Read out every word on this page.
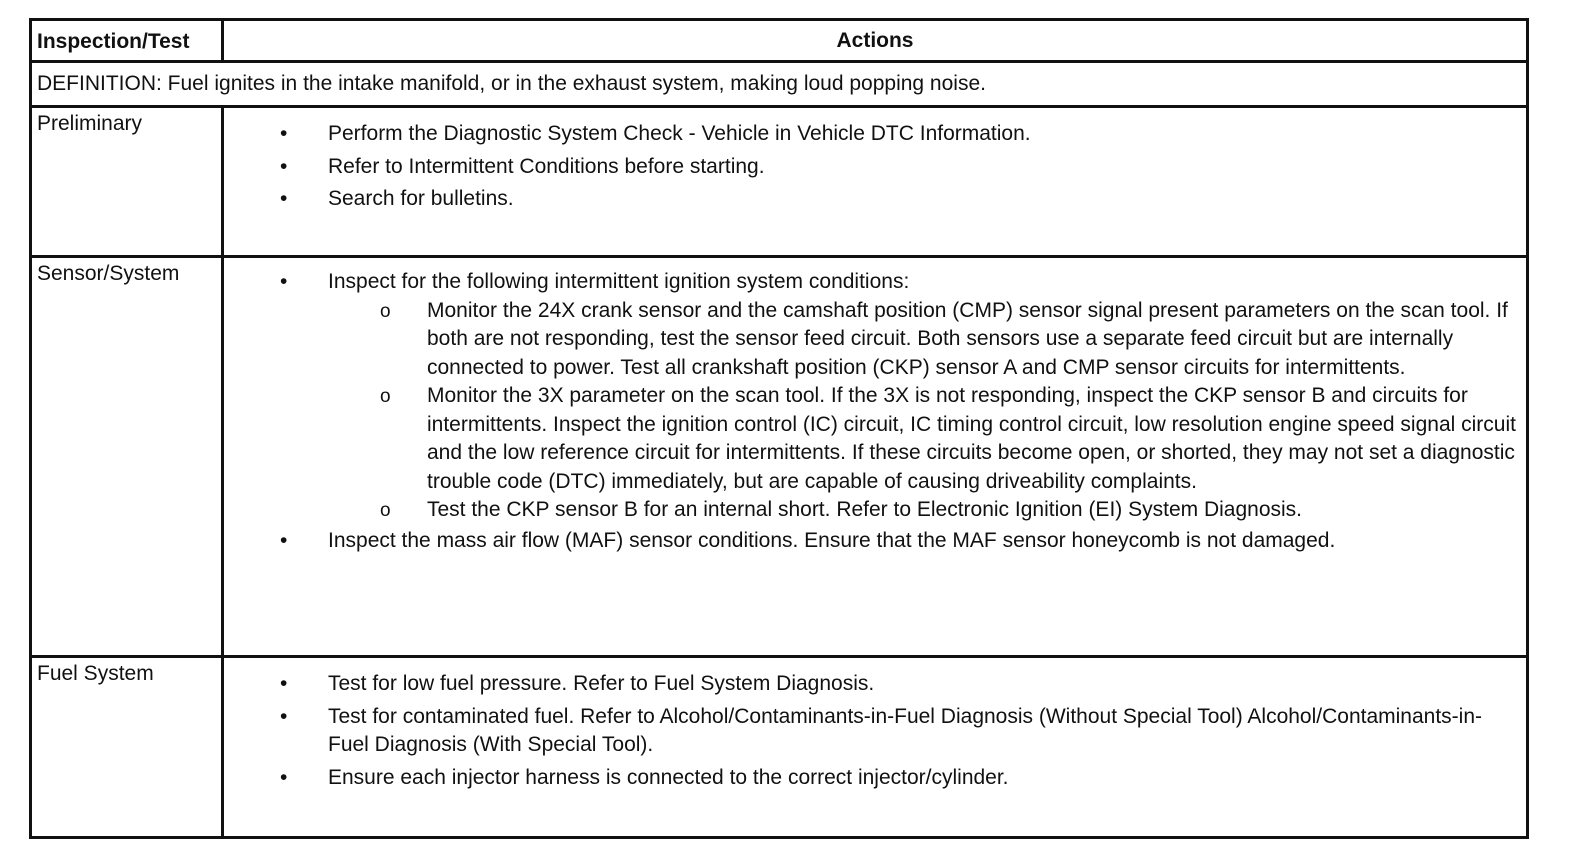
Inspection/Test	Actions
DEFINITION: Fuel ignites in the intake manifold, or in the exhaust system, making loud popping noise.
Preliminary	• Perform the Diagnostic System Check - Vehicle in Vehicle DTC Information.
• Refer to Intermittent Conditions before starting.
• Search for bulletins.
Sensor/System	• Inspect for the following intermittent ignition system conditions:
o Monitor the 24X crank sensor and the camshaft position (CMP) sensor signal present parameters on the scan tool. If both are not responding, test the sensor feed circuit. Both sensors use a separate feed circuit but are internally connected to power. Test all crankshaft position (CKP) sensor A and CMP sensor circuits for intermittents.
o Monitor the 3X parameter on the scan tool. If the 3X is not responding, inspect the CKP sensor B and circuits for intermittents. Inspect the ignition control (IC) circuit, IC timing control circuit, low resolution engine speed signal circuit and the low reference circuit for intermittents. If these circuits become open, or shorted, they may not set a diagnostic trouble code (DTC) immediately, but are capable of causing driveability complaints.
o Test the CKP sensor B for an internal short. Refer to Electronic Ignition (EI) System Diagnosis.
• Inspect the mass air flow (MAF) sensor conditions. Ensure that the MAF sensor honeycomb is not damaged.
Fuel System	• Test for low fuel pressure. Refer to Fuel System Diagnosis.
• Test for contaminated fuel. Refer to Alcohol/Contaminants-in-Fuel Diagnosis (Without Special Tool) Alcohol/Contaminants-in-Fuel Diagnosis (With Special Tool).
• Ensure each injector harness is connected to the correct injector/cylinder.
